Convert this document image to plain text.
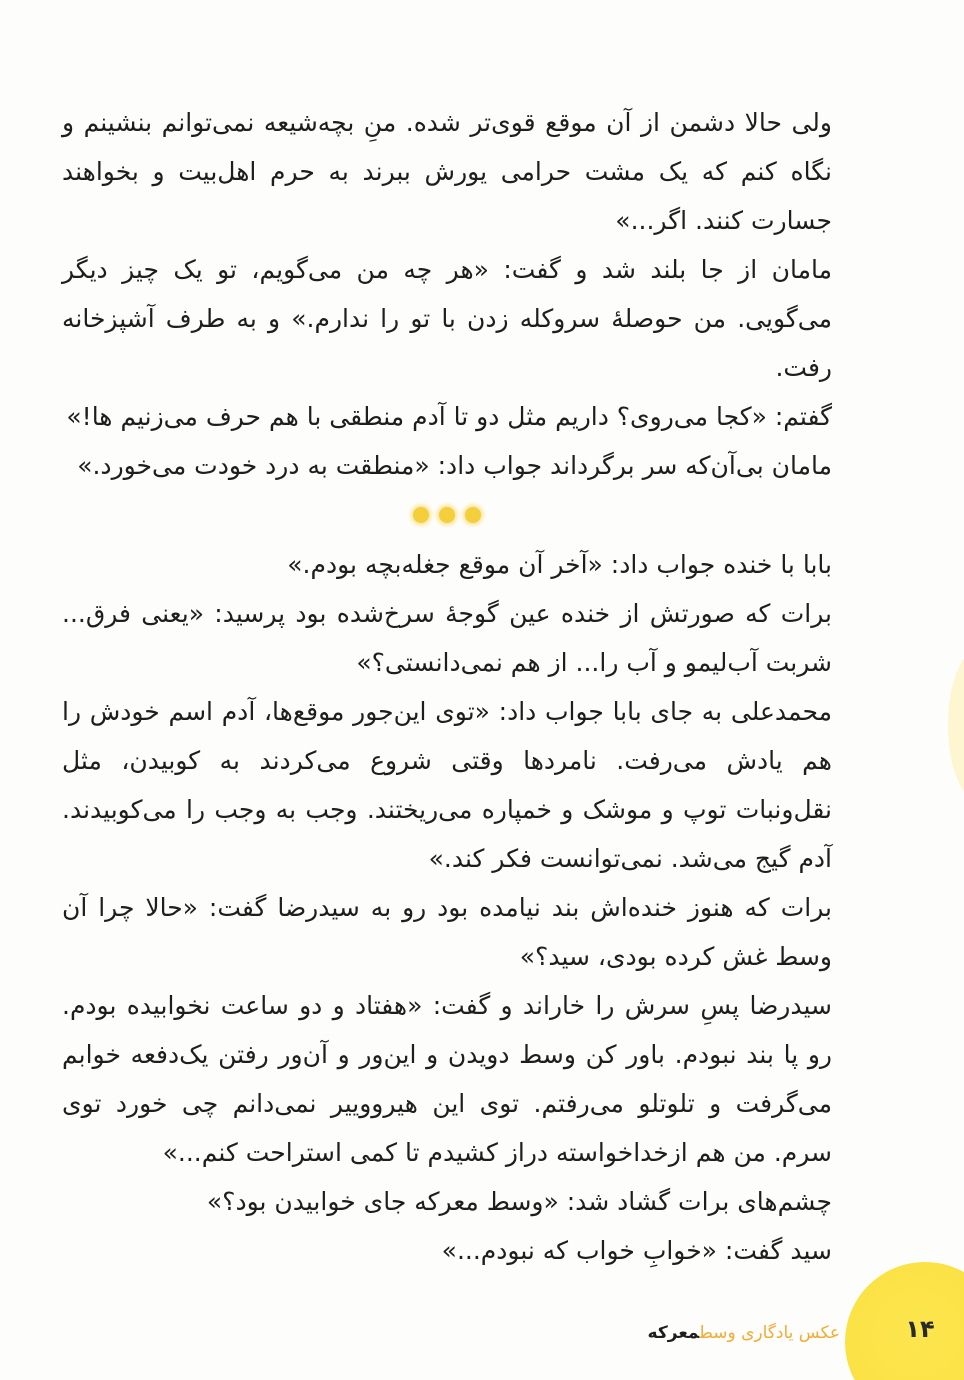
ولی حالا دشمن از آن موقع قوی‌تر شده. منِ بچه‌شیعه نمی‌توانم بنشینم و نگاه کنم که یک مشت حرامی یورش ببرند به حرم اهل‌بیت و بخواهند جسارت کنند. اگر...»

مامان از جا بلند شد و گفت: «هر چه من می‌گویم، تو یک چیز دیگر می‌گویی. من حوصلهٔ سروکله زدن با تو را ندارم.» و به طرف آشپزخانه رفت.

گفتم: «کجا می‌روی؟ داریم مثل دو تا آدم منطقی با هم حرف می‌زنیم ها!»

مامان بی‌آن‌که سر برگرداند جواب داد: «منطقت به درد خودت می‌خورد.»

بابا با خنده جواب داد: «آخر آن موقع جغله‌بچه بودم.»

برات که صورتش از خنده عین گوجهٔ سرخ‌شده بود پرسید: «یعنی فرق... شربت آب‌لیمو و آب را... از هم نمی‌دانستی؟»

محمدعلی به جای بابا جواب داد: «توی این‌جور موقع‌ها، آدم اسم خودش را هم یادش می‌رفت. نامردها وقتی شروع می‌کردند به کوبیدن، مثل نقل‌ونبات توپ و موشک و خمپاره می‌ریختند. وجب به وجب را می‌کوبیدند. آدم گیج می‌شد. نمی‌توانست فکر کند.»

برات که هنوز خنده‌اش بند نیامده بود رو به سیدرضا گفت: «حالا چرا آن وسط غش کرده بودی، سید؟»

سیدرضا پسِ سرش را خاراند و گفت: «هفتاد و دو ساعت نخوابیده بودم. رو پا بند نبودم. باور کن وسط دویدن و این‌ور و آن‌ور رفتن یک‌دفعه خوابم می‌گرفت و تلوتلو می‌رفتم. توی این هیرووییر نمی‌دانم چی خورد توی سرم. من هم ازخداخواسته دراز کشیدم تا کمی استراحت کنم...»

چشم‌های برات گشاد شد: «وسط معرکه جای خوابیدن بود؟»

سید گفت: «خوابِ خواب که نبودم...»

عکس یادگاری وسطمعرکه	۱۴
